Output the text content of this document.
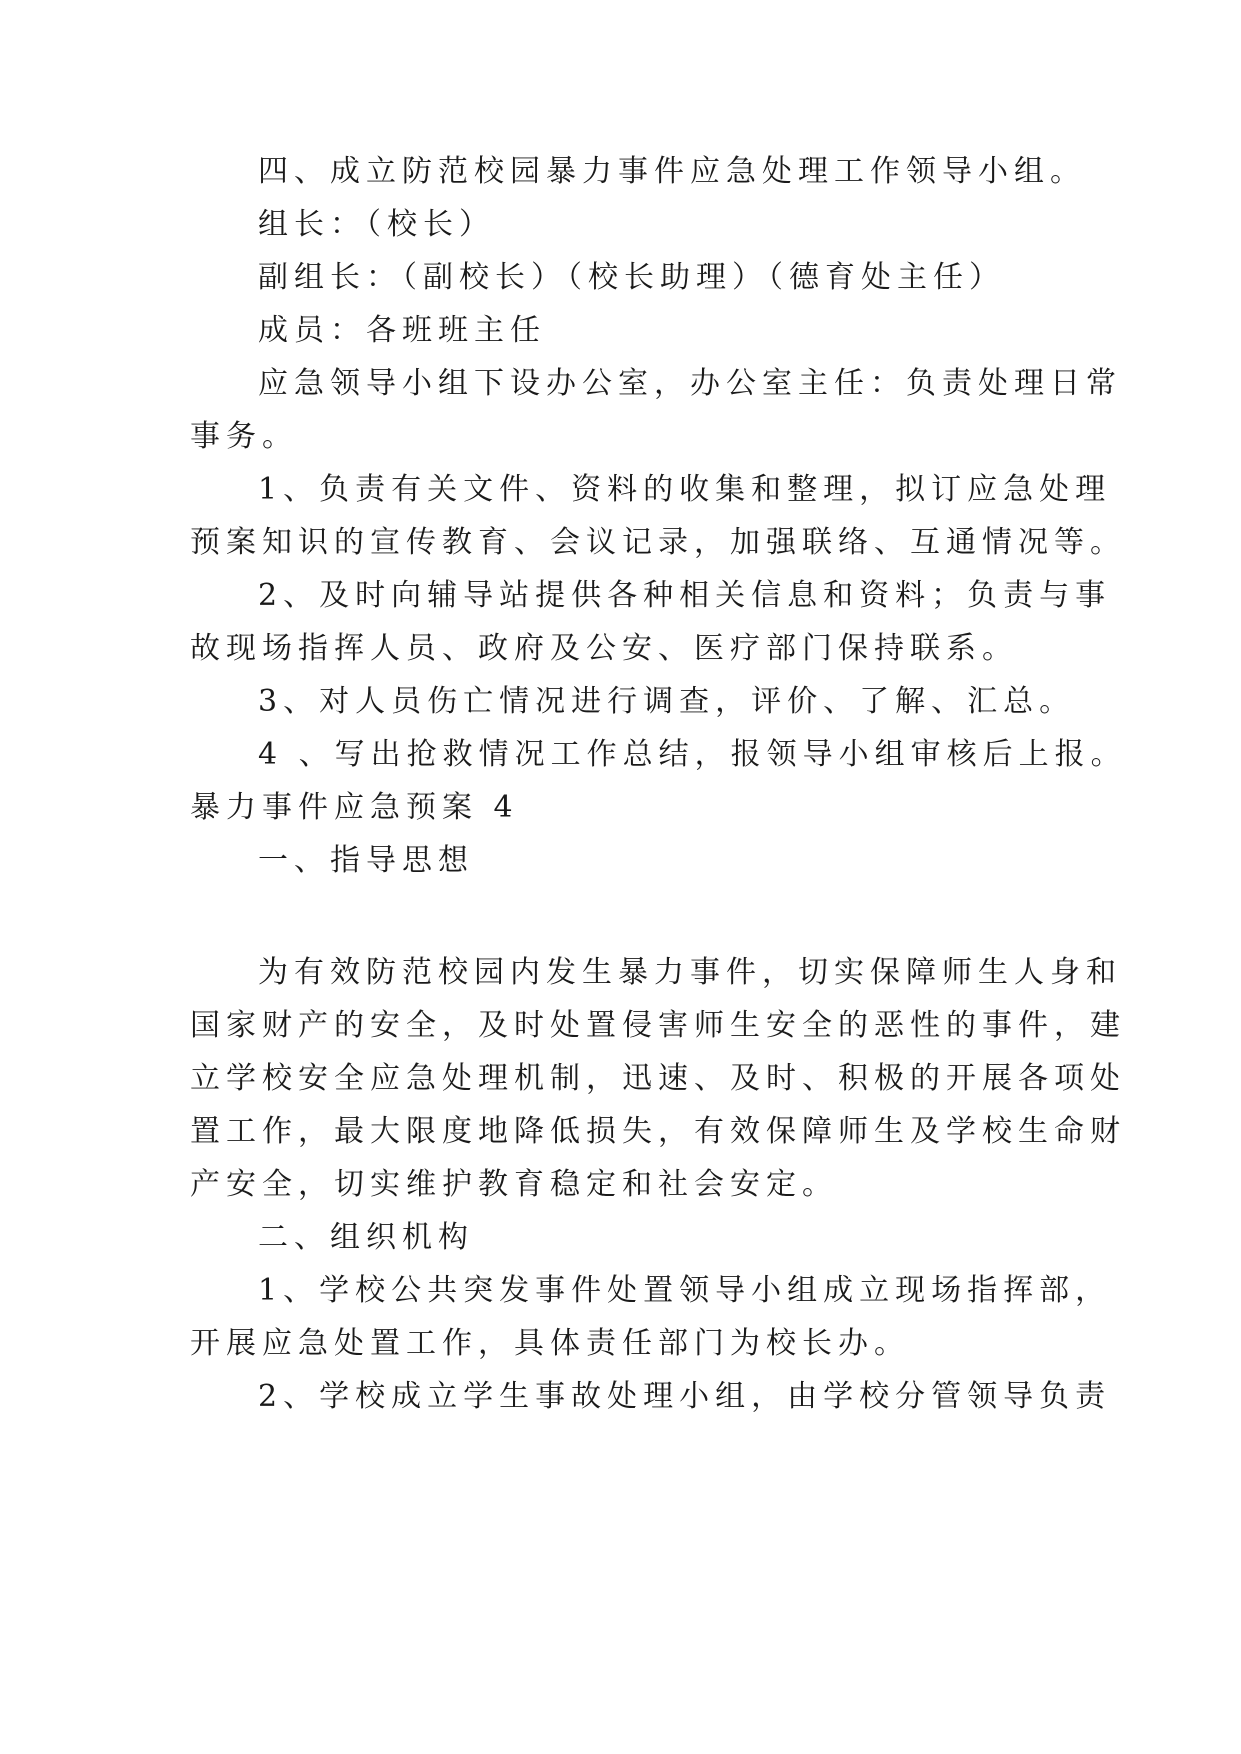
四、成立防范校园暴力事件应急处理工作领导小组。
组长：（校长）
副组长：（副校长）（校长助理）（德育处主任）
成员：各班班主任
应急领导小组下设办公室，办公室主任：负责处理日常
事务。
1、负责有关文件、资料的收集和整理，拟订应急处理
预案知识的宣传教育、会议记录，加强联络、互通情况等。
2、及时向辅导站提供各种相关信息和资料；负责与事
故现场指挥人员、政府及公安、医疗部门保持联系。
3、对人员伤亡情况进行调查，评价、了解、汇总。
4 、写出抢救情况工作总结，报领导小组审核后上报。
暴力事件应急预案 4
一、指导思想
为有效防范校园内发生暴力事件，切实保障师生人身和
国家财产的安全，及时处置侵害师生安全的恶性的事件，建
立学校安全应急处理机制，迅速、及时、积极的开展各项处
置工作，最大限度地降低损失，有效保障师生及学校生命财
产安全，切实维护教育稳定和社会安定。
二、组织机构
1、学校公共突发事件处置领导小组成立现场指挥部，
开展应急处置工作，具体责任部门为校长办。
2、学校成立学生事故处理小组，由学校分管领导负责
